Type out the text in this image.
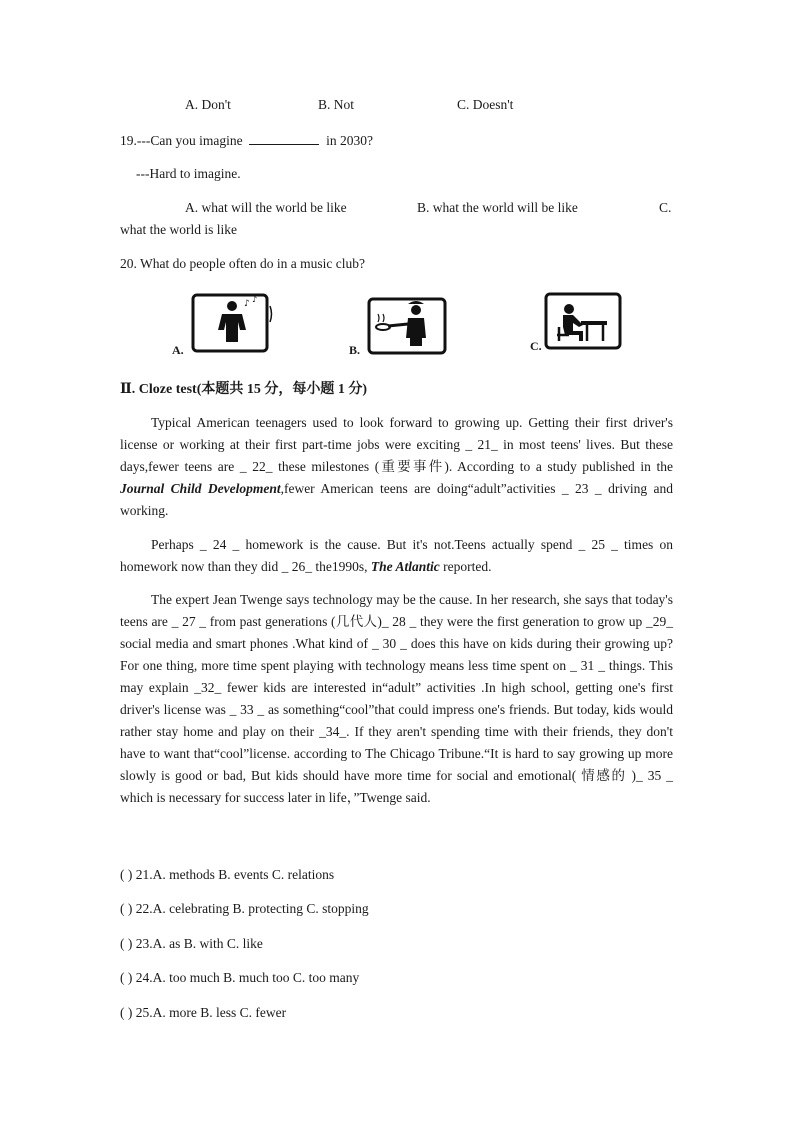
A. Don't	B. Not	C. Doesn't
19.---Can you imagine	in 2030?
---Hard to imagine.
A. what will the world be like	B. what the world will be like	C.
what the world is like
20. What do people often do in a music club?
♪ ♪
A.	B.	C.
Ⅱ. Cloze test(本题共 15 分，每小题 1 分)
Typical American teenagers used to look forward to growing up. Getting their first driver's license or working at their first part-time jobs were exciting _ 21_ in most teens' lives. But these days,fewer teens are _ 22_ these milestones (重要事件). According to a study published in the Journal Child Development,fewer American teens are doing“adult”activities _ 23 _ driving and working.
Perhaps _ 24 _ homework is the cause. But it's not.Teens actually spend _ 25 _ times on homework now than they did _ 26_ the1990s, The Atlantic reported.
The expert Jean Twenge says technology may be the cause. In her research, she says that today's teens are _ 27 _ from past generations (几代人)_ 28 _ they were the first generation to grow up _29_ social media and smart phones .What kind of _ 30 _ does this have on kids during their growing up? For one thing, more time spent playing with technology means less time spent on _ 31 _ things. This may explain _32_ fewer kids are interested in“adult” activities .In high school, getting one's first driver's license was _ 33 _ as something“cool”that could impress one's friends. But today, kids would rather stay home and play on their _34_. If they aren't spending time with their friends, they don't have to want that“cool”license. according to The Chicago Tribune.“It is hard to say growing up more slowly is good or bad, But kids should have more time for social and emotional( 情感的 )_ 35 _ which is necessary for success later in life，”Twenge said.
( ) 21.A. methods B. events C. relations
( ) 22.A. celebrating B. protecting C. stopping
( ) 23.A. as B. with C. like
( ) 24.A. too much B. much too C. too many
( ) 25.A. more B. less C. fewer
